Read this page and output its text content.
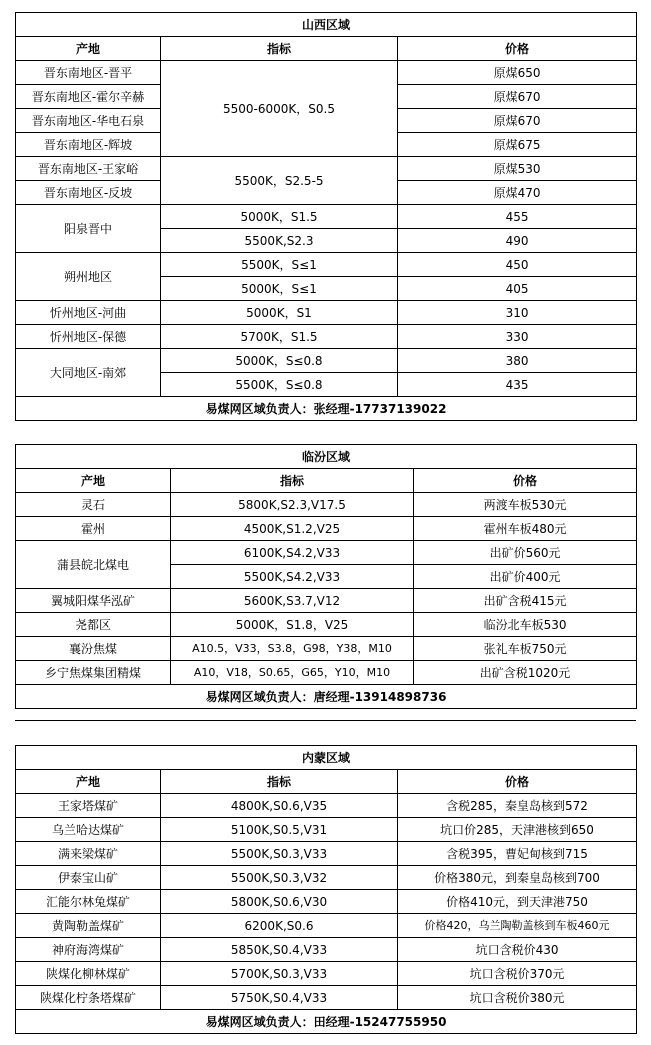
山西区域		
产地	指标	价格
晋东南地区-晋平	5500-6000K，S0.5	原煤650
晋东南地区-霍尔辛赫		原煤670
晋东南地区-华电石泉		原煤670
晋东南地区-辉坡		原煤675
晋东南地区-王家峪	5500K，S2.5-5	原煤530
晋东南地区-反坡		原煤470
阳泉晋中	5000K，S1.5	455
	5500K,S2.3	490
朔州地区	5500K，S≤1	450
	5000K，S≤1	405
忻州地区-河曲	5000K，S1	310
忻州地区-保德	5700K，S1.5	330
大同地区-南郊	5000K，S≤0.8	380
	5500K，S≤0.8	435
易煤网区域负责人：张经理-17737139022		
临汾区域		
产地	指标	价格
灵石	5800K,S2.3,V17.5	两渡车板530元
霍州	4500K,S1.2,V25	霍州车板480元
蒲县皖北煤电	6100K,S4.2,V33	出矿价560元
	5500K,S4.2,V33	出矿价400元
翼城阳煤华泓矿	5600K,S3.7,V12	出矿含税415元
尧都区	5000K，S1.8，V25	临汾北车板530
襄汾焦煤	A10.5，V33，S3.8，G98，Y38，M10	张礼车板750元
乡宁焦煤集团精煤	A10，V18，S0.65，G65，Y10，M10	出矿含税1020元
易煤网区域负责人：唐经理-13914898736		
内蒙区域		
产地	指标	价格
王家塔煤矿	4800K,S0.6,V35	含税285，秦皇岛核到572
乌兰哈达煤矿	5100K,S0.5,V31	坑口价285，天津港核到650
满来梁煤矿	5500K,S0.3,V33	含税395，曹妃甸核到715
伊泰宝山矿	5500K,S0.3,V32	价格380元，到秦皇岛核到700
汇能尔林兔煤矿	5800K,S0.6,V30	价格410元，到天津港750
黄陶勒盖煤矿	6200K,S0.6	价格420，乌兰陶勒盖核到车板460元
神府海湾煤矿	5850K,S0.4,V33	坑口含税价430
陕煤化柳林煤矿	5700K,S0.3,V33	坑口含税价370元
陕煤化柠条塔煤矿	5750K,S0.4,V33	坑口含税价380元
易煤网区域负责人：田经理-15247755950		
